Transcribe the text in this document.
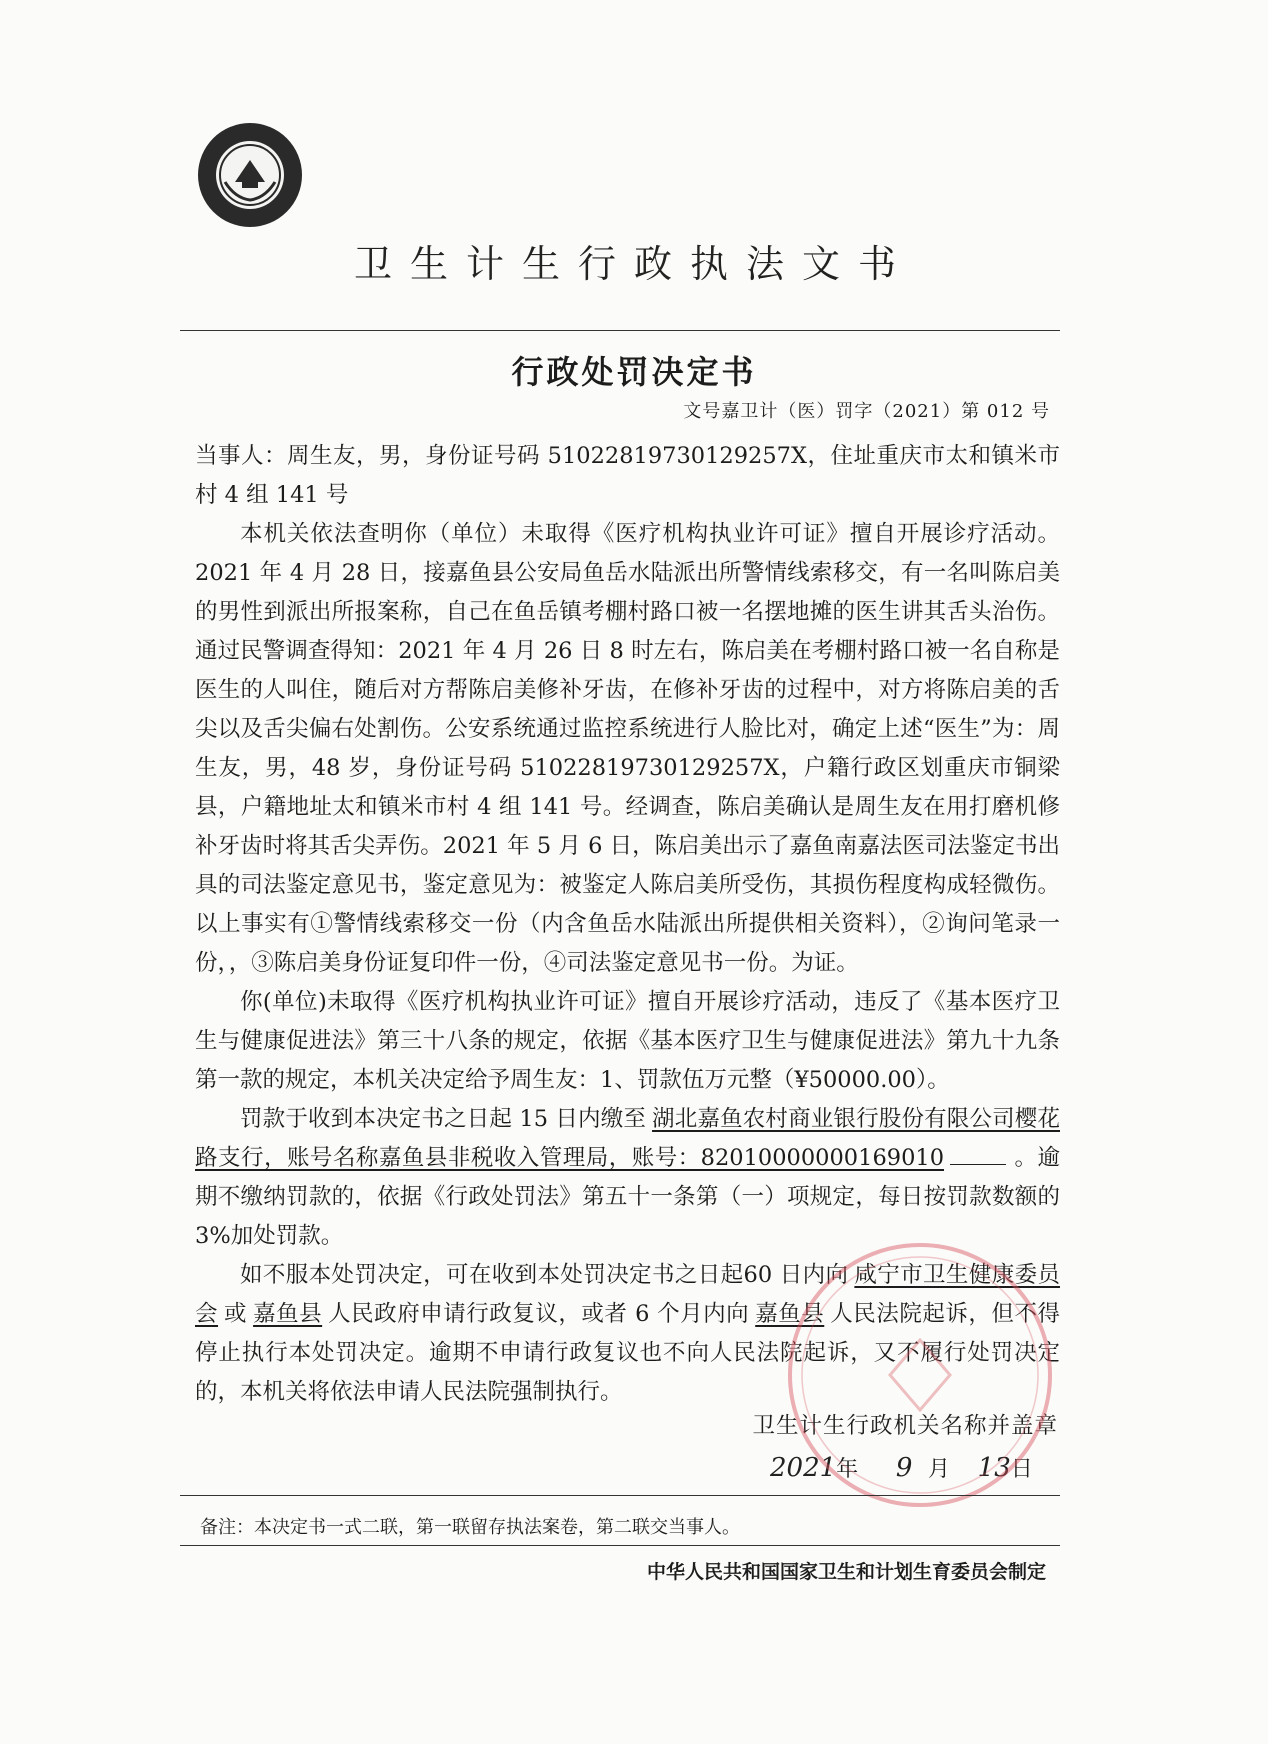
卫生计生行政执法文书
行政处罚决定书
文号嘉卫计（医）罚字（2021）第 012 号

当事人：周生友，男，身份证号码 51022819730129257X，住址重庆市太和镇米市村 4 组 141 号

本机关依法查明你（单位）未取得《医疗机构执业许可证》擅自开展诊疗活动。2021 年 4 月 28 日，接嘉鱼县公安局鱼岳水陆派出所警情线索移交，有一名叫陈启美的男性到派出所报案称，自己在鱼岳镇考棚村路口被一名摆地摊的医生讲其舌头治伤。通过民警调查得知：2021 年 4 月 26 日 8 时左右，陈启美在考棚村路口被一名自称是医生的人叫住，随后对方帮陈启美修补牙齿，在修补牙齿的过程中，对方将陈启美的舌尖以及舌尖偏右处割伤。公安系统通过监控系统进行人脸比对，确定上述“医生”为：周生友，男，48 岁，身份证号码 51022819730129257X，户籍行政区划重庆市铜梁县，户籍地址太和镇米市村 4 组 141 号。经调查，陈启美确认是周生友在用打磨机修补牙齿时将其舌尖弄伤。2021 年 5 月 6 日，陈启美出示了嘉鱼南嘉法医司法鉴定书出具的司法鉴定意见书，鉴定意见为：被鉴定人陈启美所受伤，其损伤程度构成轻微伤。以上事实有①警情线索移交一份（内含鱼岳水陆派出所提供相关资料），②询问笔录一份，，③陈启美身份证复印件一份，④司法鉴定意见书一份。为证。

你(单位)未取得《医疗机构执业许可证》擅自开展诊疗活动，违反了《基本医疗卫生与健康促进法》第三十八条的规定，依据《基本医疗卫生与健康促进法》第九十九条第一款的规定，本机关决定给予周生友：1、罚款伍万元整（¥50000.00）。

罚款于收到本决定书之日起 15 日内缴至 湖北嘉鱼农村商业银行股份有限公司樱花路支行，账号名称嘉鱼县非税收入管理局，账号：82010000000169010	。逾期不缴纳罚款的，依据《行政处罚法》第五十一条第（一）项规定，每日按罚款数额的 3%加处罚款。

如不服本处罚决定，可在收到本处罚决定书之日起60 日内向 咸宁市卫生健康委员会 或 嘉鱼县 人民政府申请行政复议，或者 6 个月内向 嘉鱼县 人民法院起诉，但不得停止执行本处罚决定。逾期不申请行政复议也不向人民法院起诉，又不履行处罚决定的，本机关将依法申请人民法院强制执行。

卫生计生行政机关名称并盖章
2021年 9 月 13日
备注：本决定书一式二联，第一联留存执法案卷，第二联交当事人。
中华人民共和国国家卫生和计划生育委员会制定
